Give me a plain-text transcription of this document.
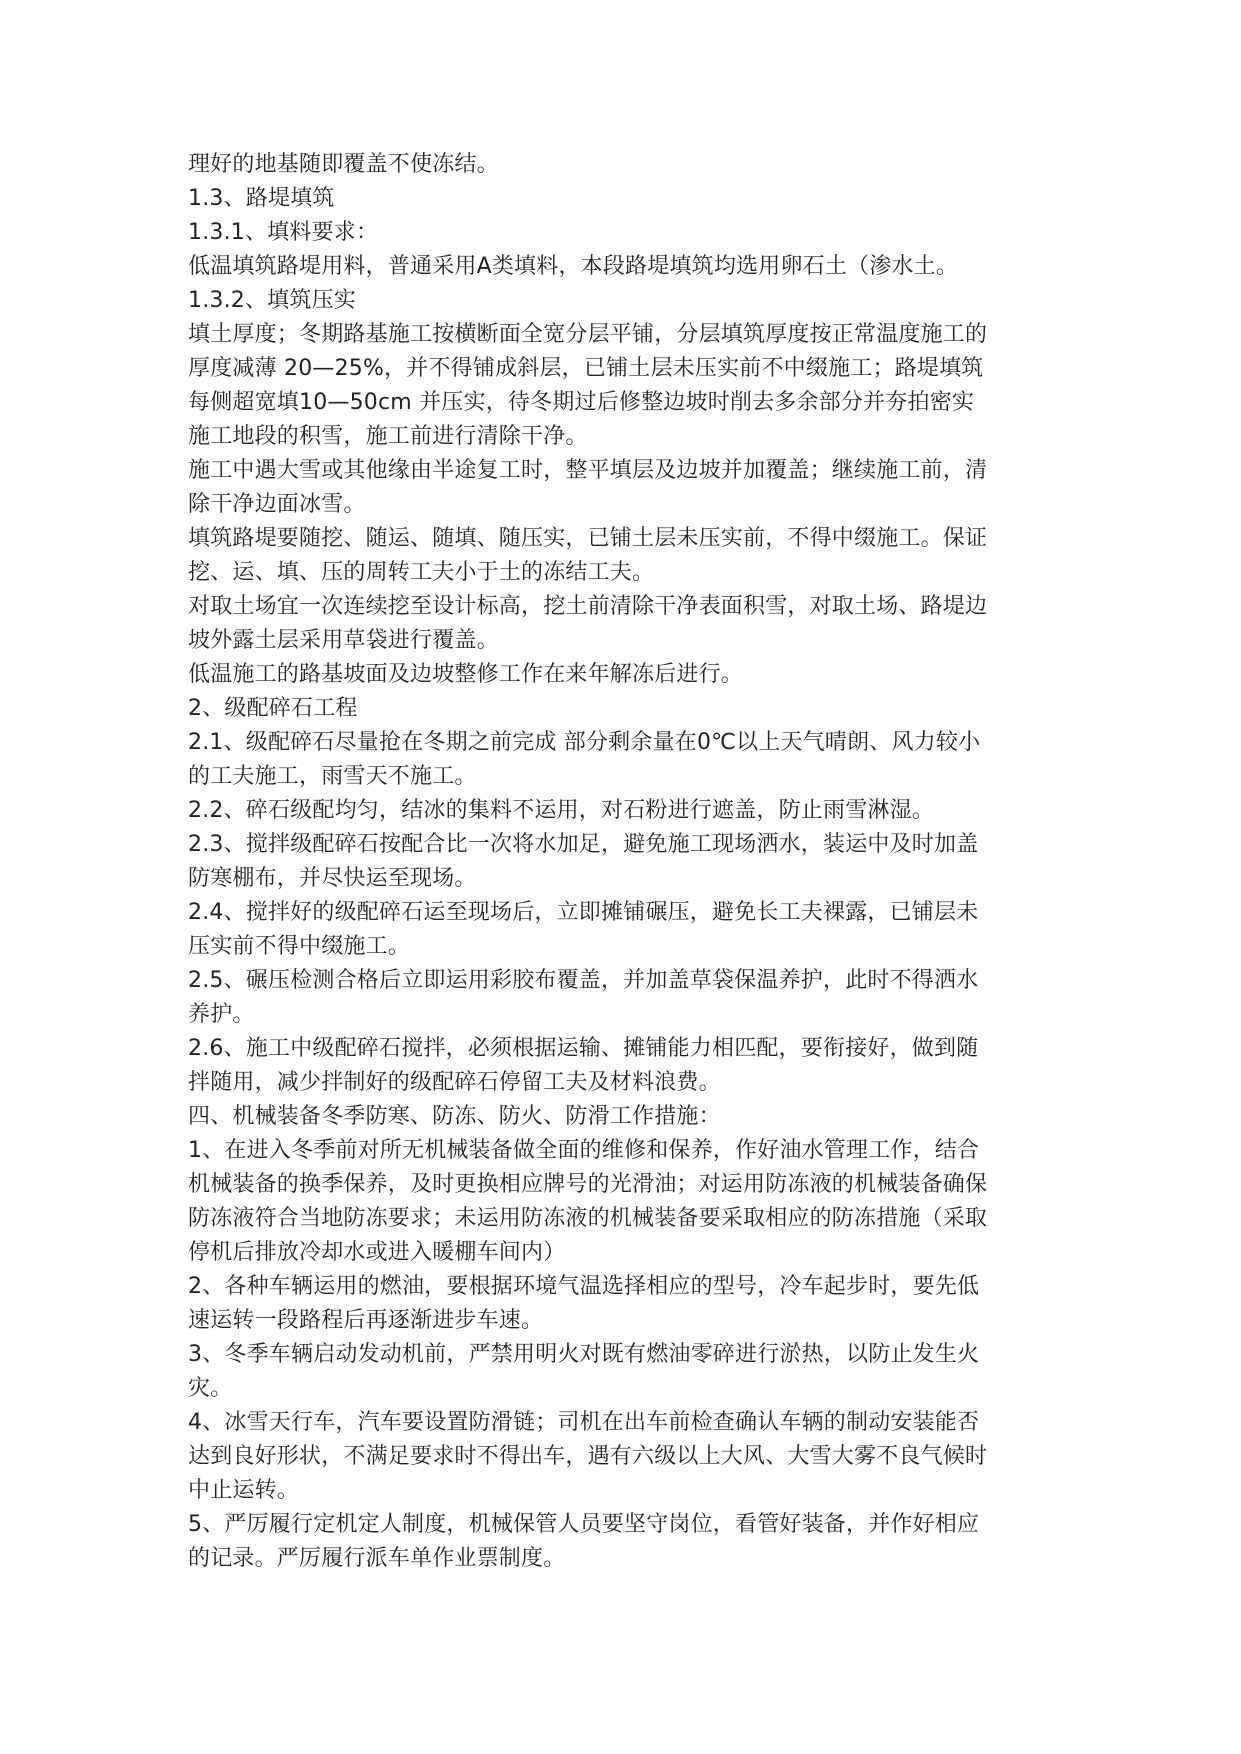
理好的地基随即覆盖不使冻结。

1.3、路堤填筑

1.3.1、填料要求：

低温填筑路堤用料，普通采用A类填料，本段路堤填筑均选用卵石土（渗水土。

1.3.2、填筑压实

填土厚度；冬期路基施工按横断面全宽分层平铺，分层填筑厚度按正常温度施工的

厚度减薄 20—25%，并不得铺成斜层，已铺土层未压实前不中缀施工；路堤填筑

每侧超宽填10—50cm 并压实，待冬期过后修整边坡时削去多余部分并夯拍密实

施工地段的积雪，施工前进行清除干净。

施工中遇大雪或其他缘由半途复工时，整平填层及边坡并加覆盖；继续施工前，清

除干净边面冰雪。

填筑路堤要随挖、随运、随填、随压实，已铺土层未压实前，不得中缀施工。保证

挖、运、填、压的周转工夫小于土的冻结工夫。

对取土场宜一次连续挖至设计标高，挖土前清除干净表面积雪，对取土场、路堤边

坡外露土层采用草袋进行覆盖。

低温施工的路基坡面及边坡整修工作在来年解冻后进行。

2、级配碎石工程

2.1、级配碎石尽量抢在冬期之前完成 部分剩余量在0℃以上天气晴朗、风力较小

的工夫施工，雨雪天不施工。

2.2、碎石级配均匀，结冰的集料不运用，对石粉进行遮盖，防止雨雪淋湿。

2.3、搅拌级配碎石按配合比一次将水加足，避免施工现场洒水，装运中及时加盖

防寒棚布，并尽快运至现场。

2.4、搅拌好的级配碎石运至现场后，立即摊铺碾压，避免长工夫裸露，已铺层未

压实前不得中缀施工。

2.5、碾压检测合格后立即运用彩胶布覆盖，并加盖草袋保温养护，此时不得洒水

养护。

2.6、施工中级配碎石搅拌，必须根据运输、摊铺能力相匹配，要衔接好，做到随

拌随用，减少拌制好的级配碎石停留工夫及材料浪费。

四、机械装备冬季防寒、防冻、防火、防滑工作措施：

1、在进入冬季前对所无机械装备做全面的维修和保养，作好油水管理工作，结合

机械装备的换季保养，及时更换相应牌号的光滑油；对运用防冻液的机械装备确保

防冻液符合当地防冻要求；未运用防冻液的机械装备要采取相应的防冻措施（采取

停机后排放冷却水或进入暖棚车间内）

2、各种车辆运用的燃油，要根据环境气温选择相应的型号，冷车起步时，要先低

速运转一段路程后再逐渐进步车速。

3、冬季车辆启动发动机前，严禁用明火对既有燃油零碎进行淤热，以防止发生火

灾。

4、冰雪天行车，汽车要设置防滑链；司机在出车前检查确认车辆的制动安装能否

达到良好形状，不满足要求时不得出车，遇有六级以上大风、大雪大雾不良气候时

中止运转。

5、严厉履行定机定人制度，机械保管人员要坚守岗位，看管好装备，并作好相应

的记录。严厉履行派车单作业票制度。
